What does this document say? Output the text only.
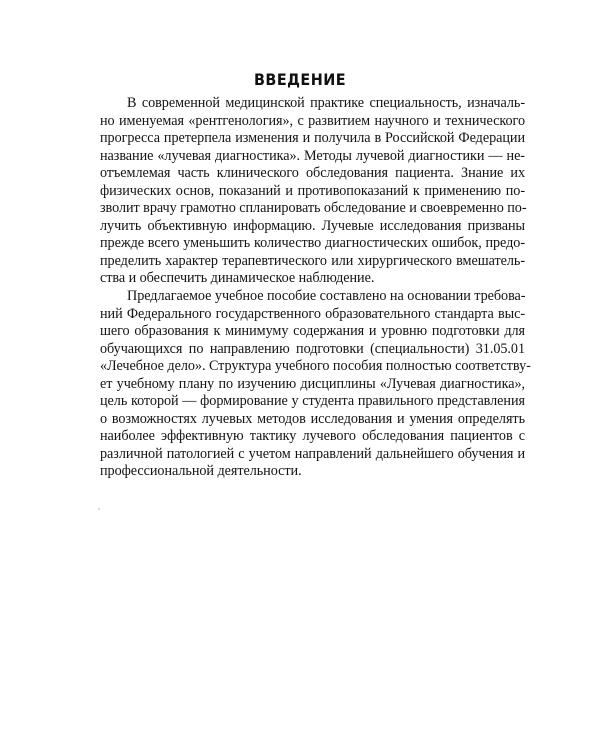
ВВЕДЕНИЕ
В современной медицинской практике специальность, изначаль-
но именуемая «рентгенология», с развитием научного и технического
прогресса претерпела изменения и получила в Российской Федерации
название «лучевая диагностика». Методы лучевой диагностики — не-
отъемлемая часть клинического обследования пациента. Знание их
физических основ, показаний и противопоказаний к применению по-
зволит врачу грамотно спланировать обследование и своевременно по-
лучить объективную информацию. Лучевые исследования призваны
прежде всего уменьшить количество диагностических ошибок, предо-
пределить характер терапевтического или хирургического вмешатель-
ства и обеспечить динамическое наблюдение.
Предлагаемое учебное пособие составлено на основании требова-
ний Федерального государственного образовательного стандарта выс-
шего образования к минимуму содержания и уровню подготовки для
обучающихся по направлению подготовки (специальности) 31.05.01
«Лечебное дело». Структура учебного пособия полностью соответству-
ет учебному плану по изучению дисциплины «Лучевая диагностика»,
цель которой — формирование у студента правильного представления
о возможностях лучевых методов исследования и умения определять
наиболее эффективную тактику лучевого обследования пациентов с
различной патологией с учетом направлений дальнейшего обучения и
профессиональной деятельности.
